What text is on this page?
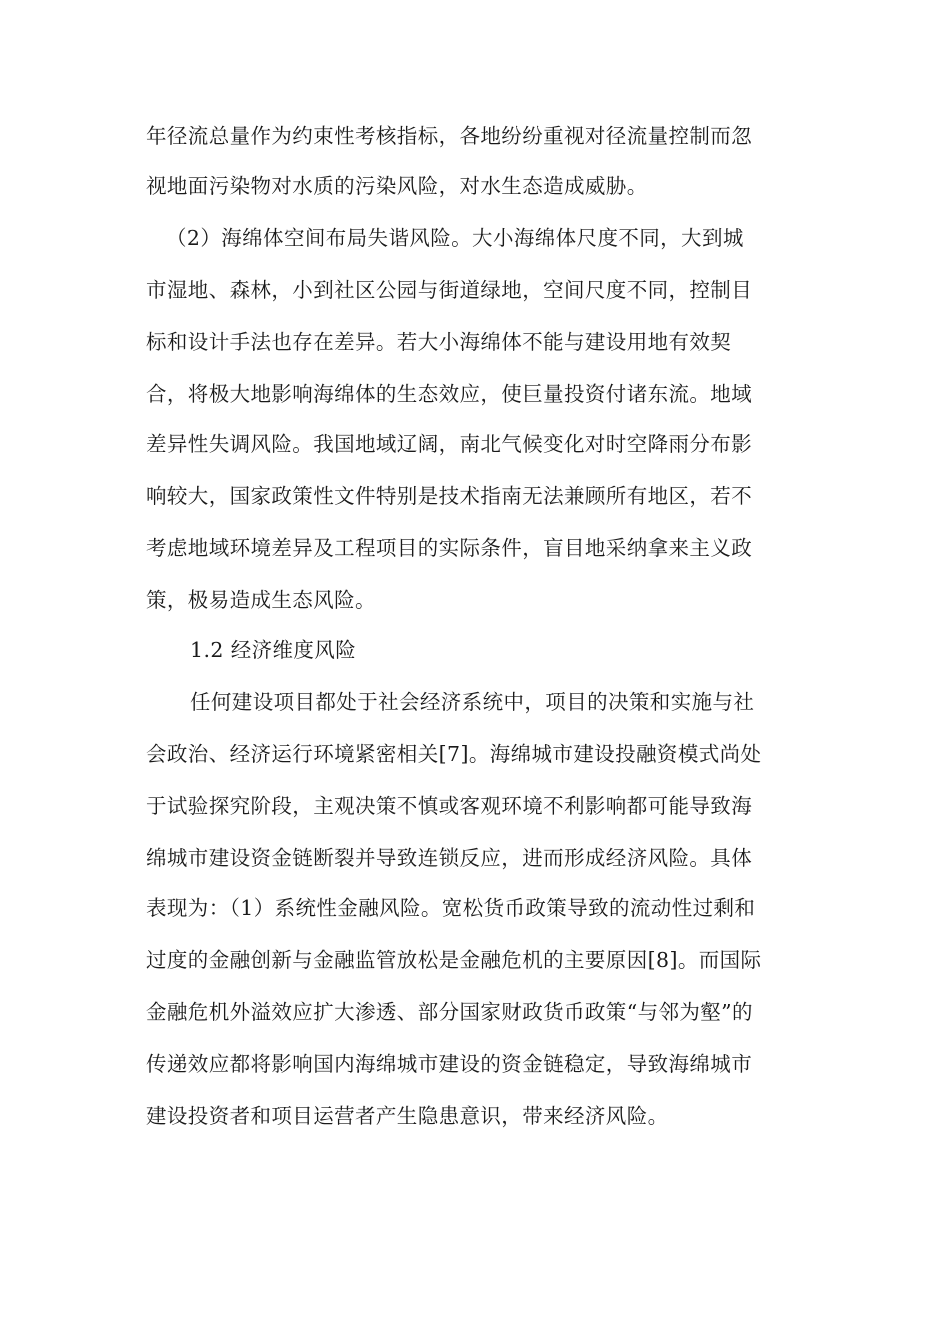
年径流总量作为约束性考核指标，各地纷纷重视对径流量控制而忽
视地面污染物对水质的污染风险，对水生态造成威胁。
（2）海绵体空间布局失谐风险。大小海绵体尺度不同，大到城
市湿地、森林，小到社区公园与街道绿地，空间尺度不同，控制目
标和设计手法也存在差异。若大小海绵体不能与建设用地有效契
合，将极大地影响海绵体的生态效应，使巨量投资付诸东流。地域
差异性失调风险。我国地域辽阔，南北气候变化对时空降雨分布影
响较大，国家政策性文件特别是技术指南无法兼顾所有地区，若不
考虑地域环境差异及工程项目的实际条件，盲目地采纳拿来主义政
策，极易造成生态风险。
1.2 经济维度风险
任何建设项目都处于社会经济系统中，项目的决策和实施与社
会政治、经济运行环境紧密相关[7]。海绵城市建设投融资模式尚处
于试验探究阶段，主观决策不慎或客观环境不利影响都可能导致海
绵城市建设资金链断裂并导致连锁反应，进而形成经济风险。具体
表现为：（1）系统性金融风险。宽松货币政策导致的流动性过剩和
过度的金融创新与金融监管放松是金融危机的主要原因[8]。而国际
金融危机外溢效应扩大渗透、部分国家财政货币政策“与邻为壑”的
传递效应都将影响国内海绵城市建设的资金链稳定，导致海绵城市
建设投资者和项目运营者产生隐患意识，带来经济风险。
